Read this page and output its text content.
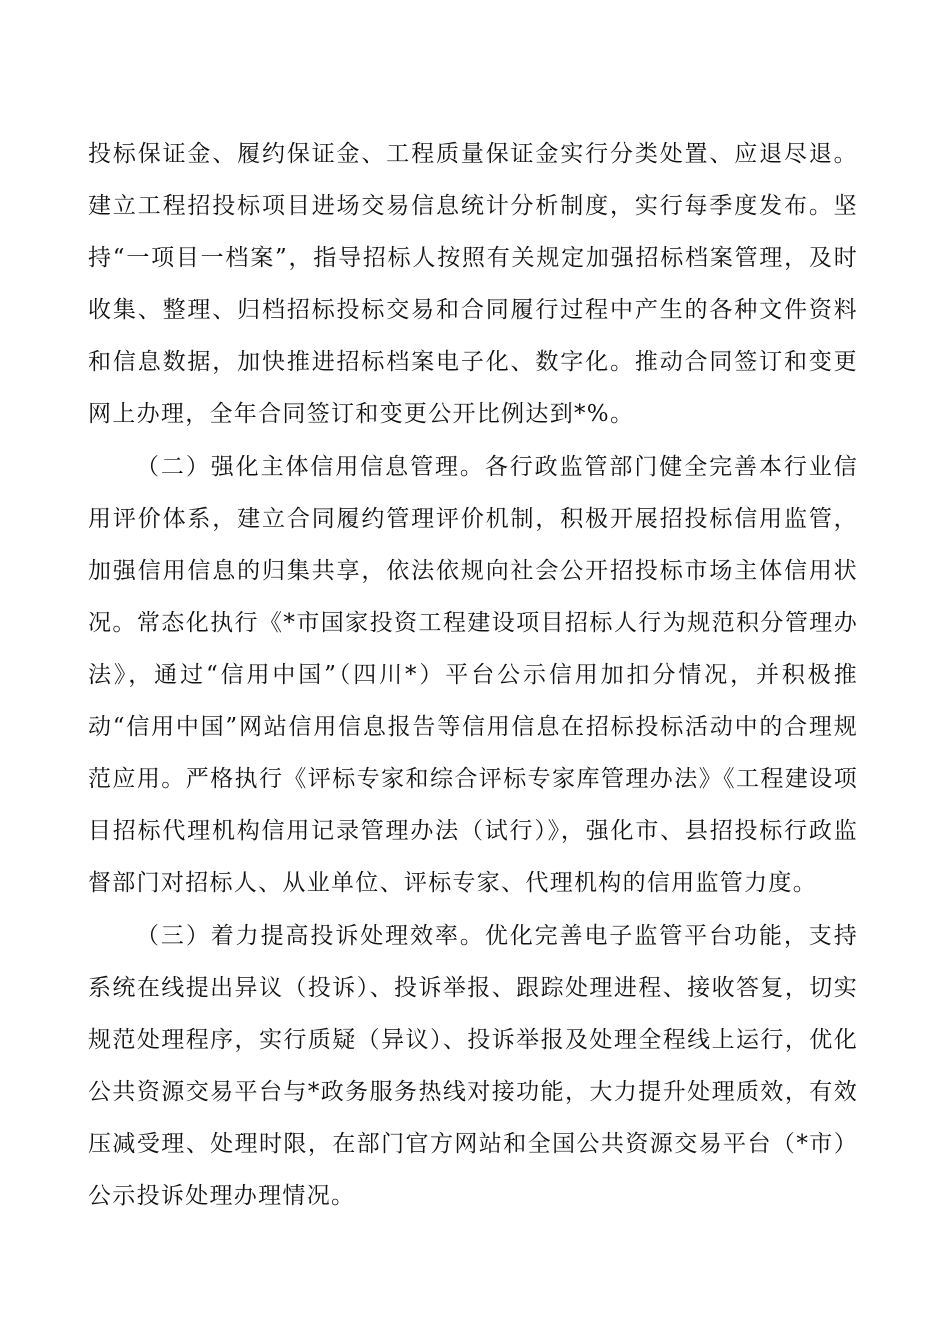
投标保证金、履约保证金、工程质量保证金实行分类处置、应退尽退。建立工程招投标项目进场交易信息统计分析制度，实行每季度发布。坚持“一项目一档案”，指导招标人按照有关规定加强招标档案管理，及时收集、整理、归档招标投标交易和合同履行过程中产生的各种文件资料和信息数据，加快推进招标档案电子化、数字化。推动合同签订和变更网上办理，全年合同签订和变更公开比例达到*%。

（二）强化主体信用信息管理。各行政监管部门健全完善本行业信用评价体系，建立合同履约管理评价机制，积极开展招投标信用监管，加强信用信息的归集共享，依法依规向社会公开招投标市场主体信用状况。常态化执行《*市国家投资工程建设项目招标人行为规范积分管理办法》，通过“信用中国”（四川*）平台公示信用加扣分情况，并积极推动“信用中国”网站信用信息报告等信用信息在招标投标活动中的合理规范应用。严格执行《评标专家和综合评标专家库管理办法》《工程建设项目招标代理机构信用记录管理办法（试行）》，强化市、县招投标行政监督部门对招标人、从业单位、评标专家、代理机构的信用监管力度。

（三）着力提高投诉处理效率。优化完善电子监管平台功能，支持系统在线提出异议（投诉）、投诉举报、跟踪处理进程、接收答复，切实规范处理程序，实行质疑（异议）、投诉举报及处理全程线上运行，优化公共资源交易平台与*政务服务热线对接功能，大力提升处理质效，有效压减受理、处理时限，在部门官方网站和全国公共资源交易平台（*市）公示投诉处理办理情况。
